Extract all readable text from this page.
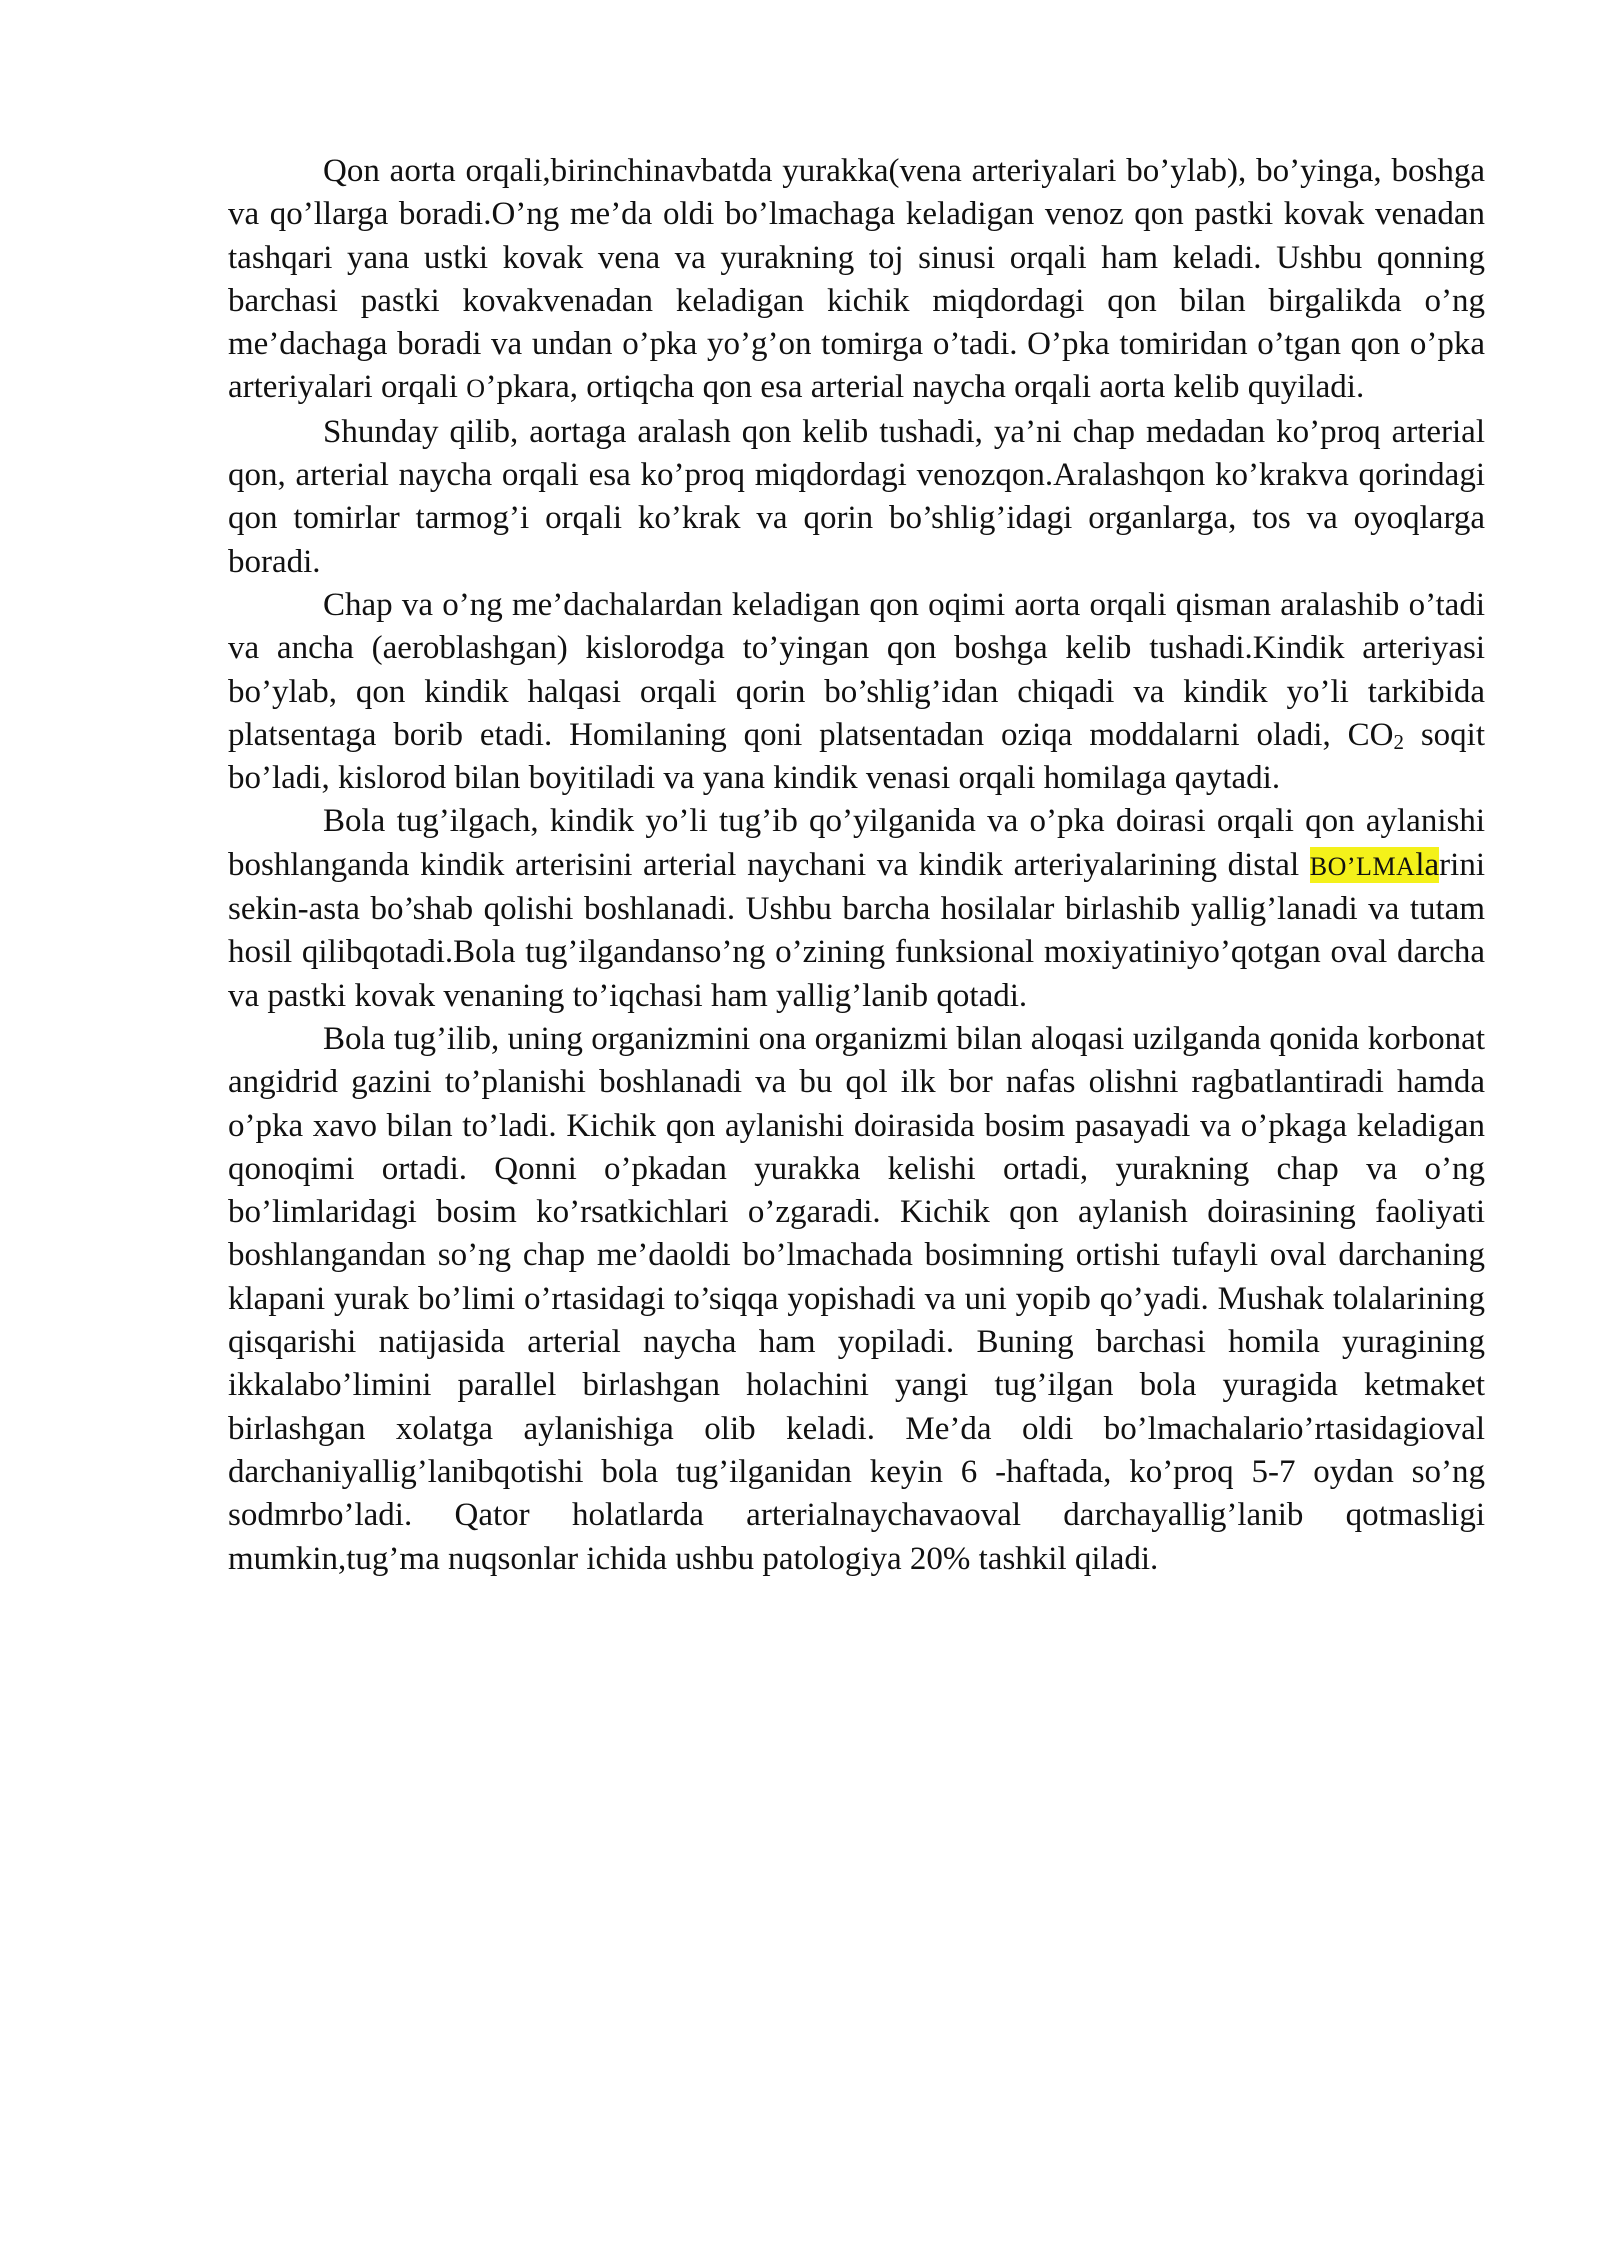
Qon aorta orqali,birinchinavbatda yurakka(vena arteriyalari bo’ylab), bo’yinga, boshga va qo’llarga boradi.O’ng me’da oldi bo’lmachaga keladigan venoz qon pastki kovak venadan tashqari yana ustki kovak vena va yurakning toj sinusi orqali ham keladi. Ushbu qonning barchasi pastki kovakvenadan keladigan kichik miqdordagi qon bilan birgalikda o’ng me’dachaga boradi va undan o’pka yo’g’on tomirga o’tadi. O’pka tomiridan o’tgan qon o’pka arteriyalari orqali O’pkara, ortiqcha qon esa arterial naycha orqali aorta kelib quyiladi.

Shunday qilib, aortaga aralash qon kelib tushadi, ya’ni chap medadan ko’proq arterial qon, arterial naycha orqali esa ko’proq miqdordagi venozqon.Aralashqon ko’krakva qorindagi qon tomirlar tarmog’i orqali ko’krak va qorin bo’shlig’idagi organlarga, tos va oyoqlarga boradi.

Chap va o’ng me’dachalardan keladigan qon oqimi aorta orqali qisman aralashib o’tadi va ancha (aeroblashgan) kislorodga to’yingan qon boshga kelib tushadi.Kindik arteriyasi bo’ylab, qon kindik halqasi orqali qorin bo’shlig’idan chiqadi va kindik yo’li tarkibida platsentaga borib etadi. Homilaning qoni platsentadan oziqa moddalarni oladi, $CO_2$ soqit bo’ladi, kislorod bilan boyitiladi va yana kindik venasi orqali homilaga qaytadi.

Bola tug’ilgach, kindik yo’li tug’ib qo’yilganida va o’pka doirasi orqali qon aylanishi boshlanganda kindik arterisini arterial naychani va kindik arteriyalarining distal BO’LMAlarini sekin-asta bo’shab qolishi boshlanadi. Ushbu barcha hosilalar birlashib yallig’lanadi va tutam hosil qilibqotadi.Bola tug’ilgandanso’ng o’zining funksional moxiyatiniyo’qotgan oval darcha va pastki kovak venaning to’iqchasi ham yallig’lanib qotadi.

Bola tug’ilib, uning organizmini ona organizmi bilan aloqasi uzilganda qonida korbonat angidrid gazini to’planishi boshlanadi va bu qol ilk bor nafas olishni ragbatlantiradi hamda o’pka xavo bilan to’ladi. Kichik qon aylanishi doirasida bosim pasayadi va o’pkaga keladigan qonoqimi ortadi. Qonni o’pkadan yurakka kelishi ortadi, yurakning chap va o’ng bo’limlaridagi bosim ko’rsatkichlari o’zgaradi. Kichik qon aylanish doirasining faoliyati boshlangandan so’ng chap me’daoldi bo’lmachada bosimning ortishi tufayli oval darchaning klapani yurak bo’limi o’rtasidagi to’siqqa yopishadi va uni yopib qo’yadi. Mushak tolalarining qisqarishi natijasida arterial naycha ham yopiladi. Buning barchasi homila yuragining ikkalabo’limini parallel birlashgan holachini yangi tug’ilgan bola yuragida ketmaket birlashgan xolatga aylanishiga olib keladi. Me’da oldi bo’lmachalario’rtasidagioval darchaniyallig’lanibqotishi bola tug’ilganidan keyin 6 -haftada, ko’proq 5-7 oydan so’ng sodmrbo’ladi. Qator holatlarda arterialnaychavaoval darchayallig’lanib qotmasligi mumkin,tug’ma nuqsonlar ichida ushbu patologiya 20% tashkil qiladi.
